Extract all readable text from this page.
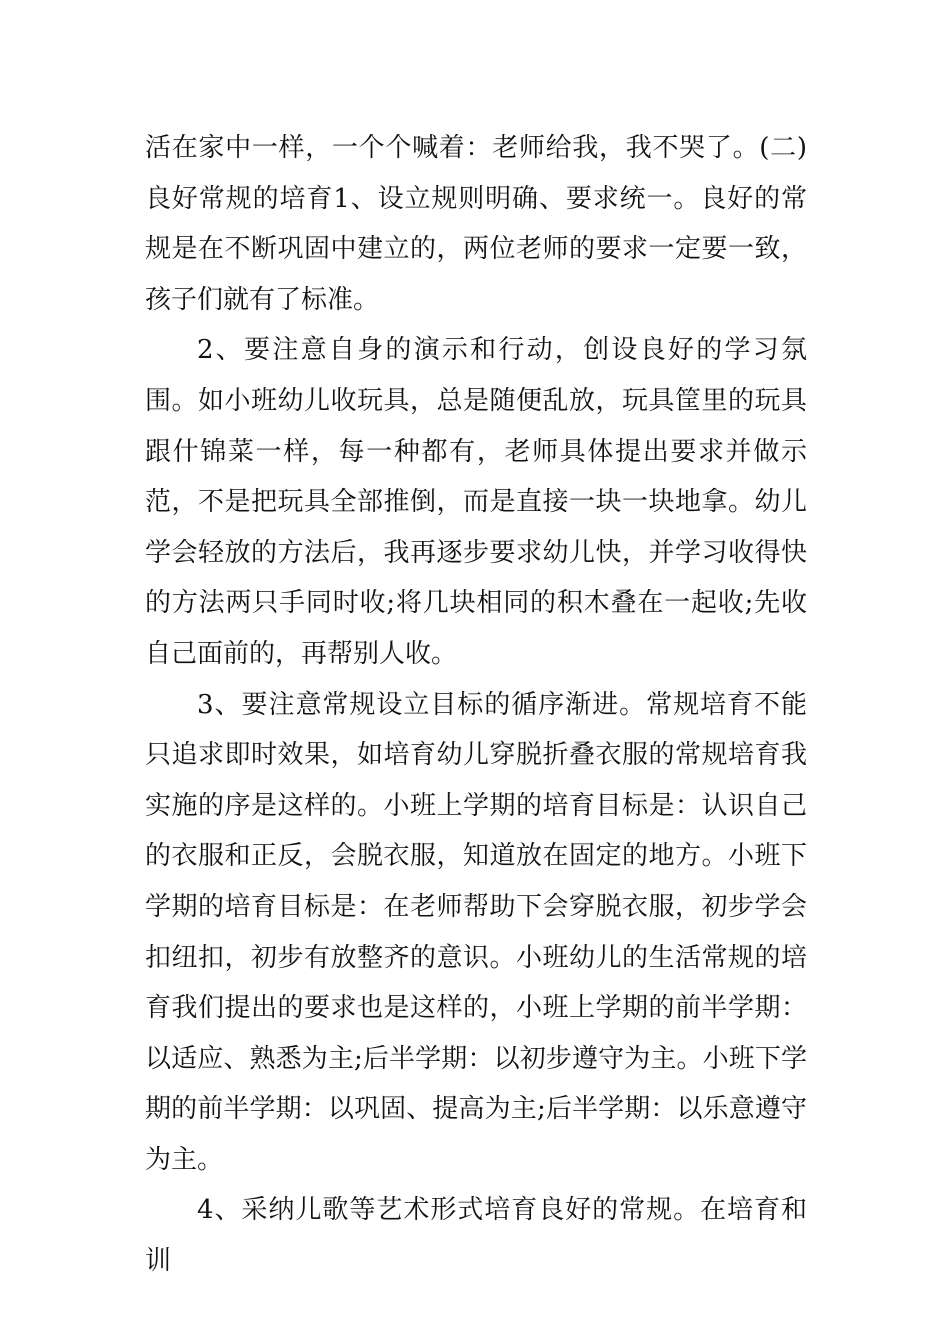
活在家中一样，一个个喊着：老师给我，我不哭了。(二)良好常规的培育1、设立规则明确、要求统一。良好的常规是在不断巩固中建立的，两位老师的要求一定要一致，孩子们就有了标准。

2、要注意自身的演示和行动，创设良好的学习氛围。如小班幼儿收玩具，总是随便乱放，玩具筐里的玩具跟什锦菜一样，每一种都有，老师具体提出要求并做示范，不是把玩具全部推倒，而是直接一块一块地拿。幼儿学会轻放的方法后，我再逐步要求幼儿快，并学习收得快的方法两只手同时收;将几块相同的积木叠在一起收;先收自己面前的，再帮别人收。

3、要注意常规设立目标的循序渐进。常规培育不能只追求即时效果，如培育幼儿穿脱折叠衣服的常规培育我实施的序是这样的。小班上学期的培育目标是：认识自己的衣服和正反，会脱衣服，知道放在固定的地方。小班下学期的培育目标是：在老师帮助下会穿脱衣服，初步学会扣纽扣，初步有放整齐的意识。小班幼儿的生活常规的培育我们提出的要求也是这样的，小班上学期的前半学期：以适应、熟悉为主;后半学期：以初步遵守为主。小班下学期的前半学期：以巩固、提高为主;后半学期：以乐意遵守为主。

4、采纳儿歌等艺术形式培育良好的常规。在培育和训
